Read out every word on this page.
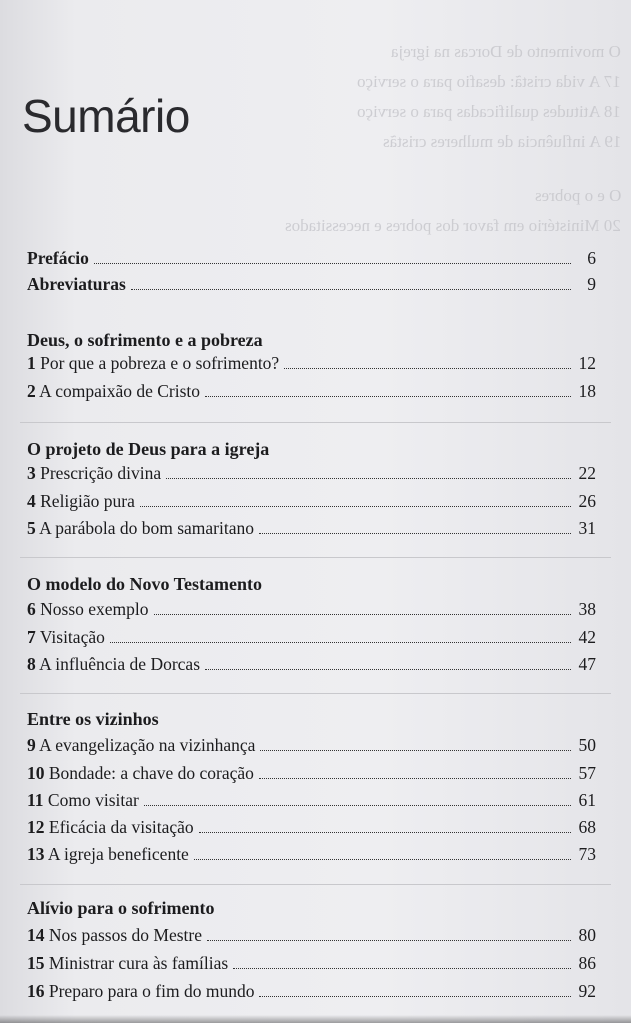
O movimento de Dorcas na igreja
17 A vida cristã: desafio para o serviço
18 Atitudes qualificadas para o serviço
19 A influência de mulheres cristãs
O e o pobres
20 Ministério em favor dos pobres e necessitados
Sumário
Prefácio	6
Abreviaturas	9
Deus, o sofrimento e a pobreza
1 Por que a pobreza e o sofrimento?	12
2 A compaixão de Cristo	18
O projeto de Deus para a igreja
3 Prescrição divina	22
4 Religião pura	26
5 A parábola do bom samaritano	31
O modelo do Novo Testamento
6 Nosso exemplo	38
7 Visitação	42
8 A influência de Dorcas	47
Entre os vizinhos
9 A evangelização na vizinhança	50
10 Bondade: a chave do coração	57
11 Como visitar	61
12 Eficácia da visitação	68
13 A igreja beneficente	73
Alívio para o sofrimento
14 Nos passos do Mestre	80
15 Ministrar cura às famílias	86
16 Preparo para o fim do mundo	92
